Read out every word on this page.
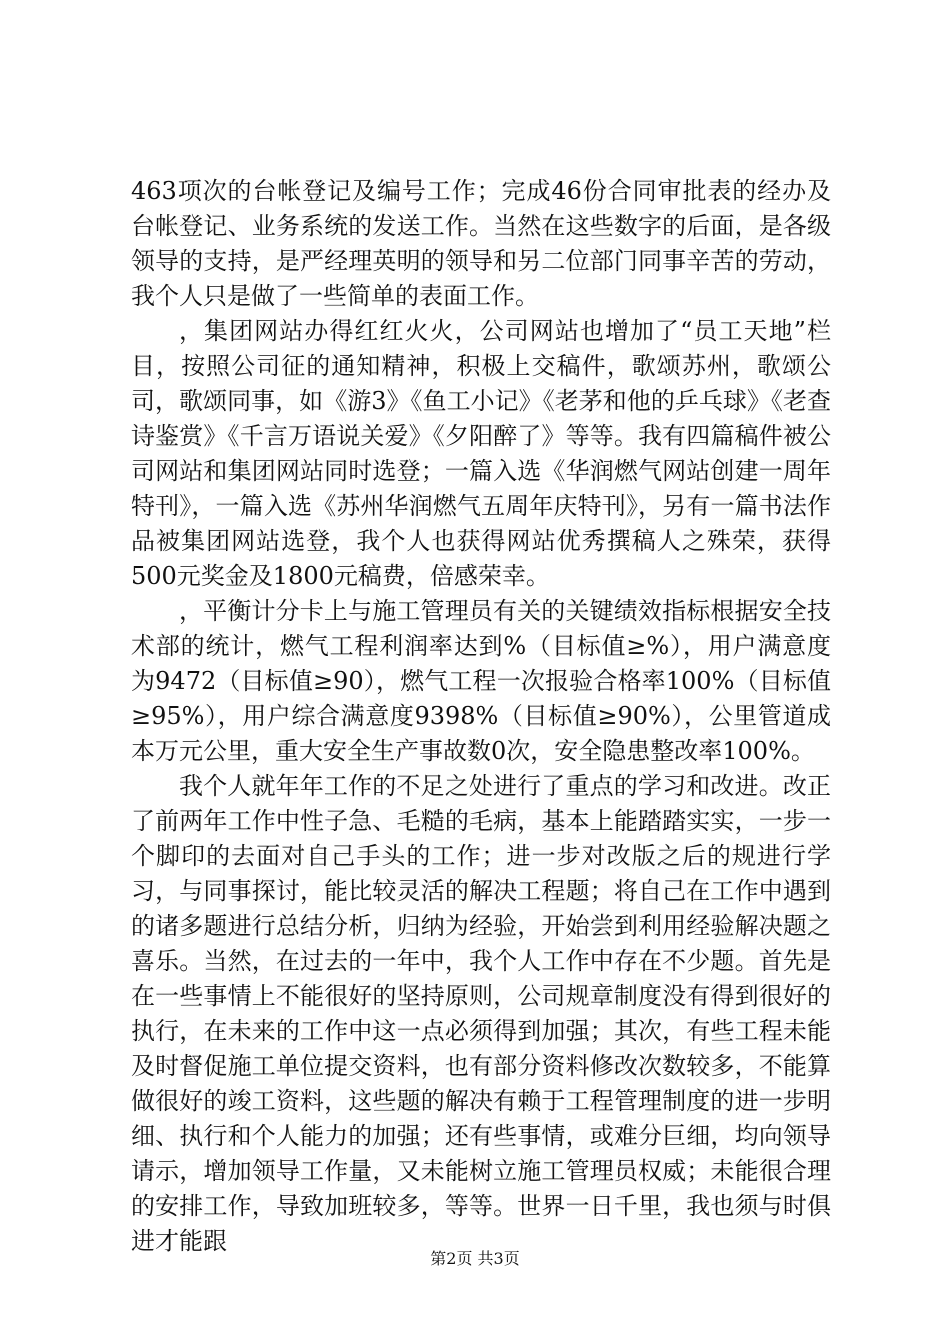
463项次的台帐登记及编号工作；完成46份合同审批表的经办及台帐登记、业务系统的发送工作。当然在这些数字的后面，是各级领导的支持，是严经理英明的领导和另二位部门同事辛苦的劳动，我个人只是做了一些简单的表面工作。

，集团网站办得红红火火，公司网站也增加了“员工天地”栏目，按照公司征的通知精神，积极上交稿件，歌颂苏州，歌颂公司，歌颂同事，如《游3》《鱼工小记》《老茅和他的乒乓球》《老查诗鉴赏》《千言万语说关爱》《夕阳醉了》等等。我有四篇稿件被公司网站和集团网站同时选登；一篇入选《华润燃气网站创建一周年特刊》，一篇入选《苏州华润燃气五周年庆特刊》，另有一篇书法作品被集团网站选登，我个人也获得网站优秀撰稿人之殊荣，获得500元奖金及1800元稿费，倍感荣幸。

，平衡计分卡上与施工管理员有关的关键绩效指标根据安全技术部的统计，燃气工程利润率达到%（目标值≥%），用户满意度为9472（目标值≥90），燃气工程一次报验合格率100%（目标值≥95%），用户综合满意度9398%（目标值≥90%），公里管道成本万元公里，重大安全生产事故数0次，安全隐患整改率100%。

我个人就年年工作的不足之处进行了重点的学习和改进。改正了前两年工作中性子急、毛糙的毛病，基本上能踏踏实实，一步一个脚印的去面对自己手头的工作；进一步对改版之后的规进行学习，与同事探讨，能比较灵活的解决工程题；将自己在工作中遇到的诸多题进行总结分析，归纳为经验，开始尝到利用经验解决题之喜乐。当然，在过去的一年中，我个人工作中存在不少题。首先是在一些事情上不能很好的坚持原则，公司规章制度没有得到很好的执行，在未来的工作中这一点必须得到加强；其次，有些工程未能及时督促施工单位提交资料，也有部分资料修改次数较多，不能算做很好的竣工资料，这些题的解决有赖于工程管理制度的进一步明细、执行和个人能力的加强；还有些事情，或难分巨细，均向领导请示，增加领导工作量，又未能树立施工管理员权威；未能很合理的安排工作，导致加班较多，等等。世界一日千里，我也须与时俱进才能跟

第2页 共3页
